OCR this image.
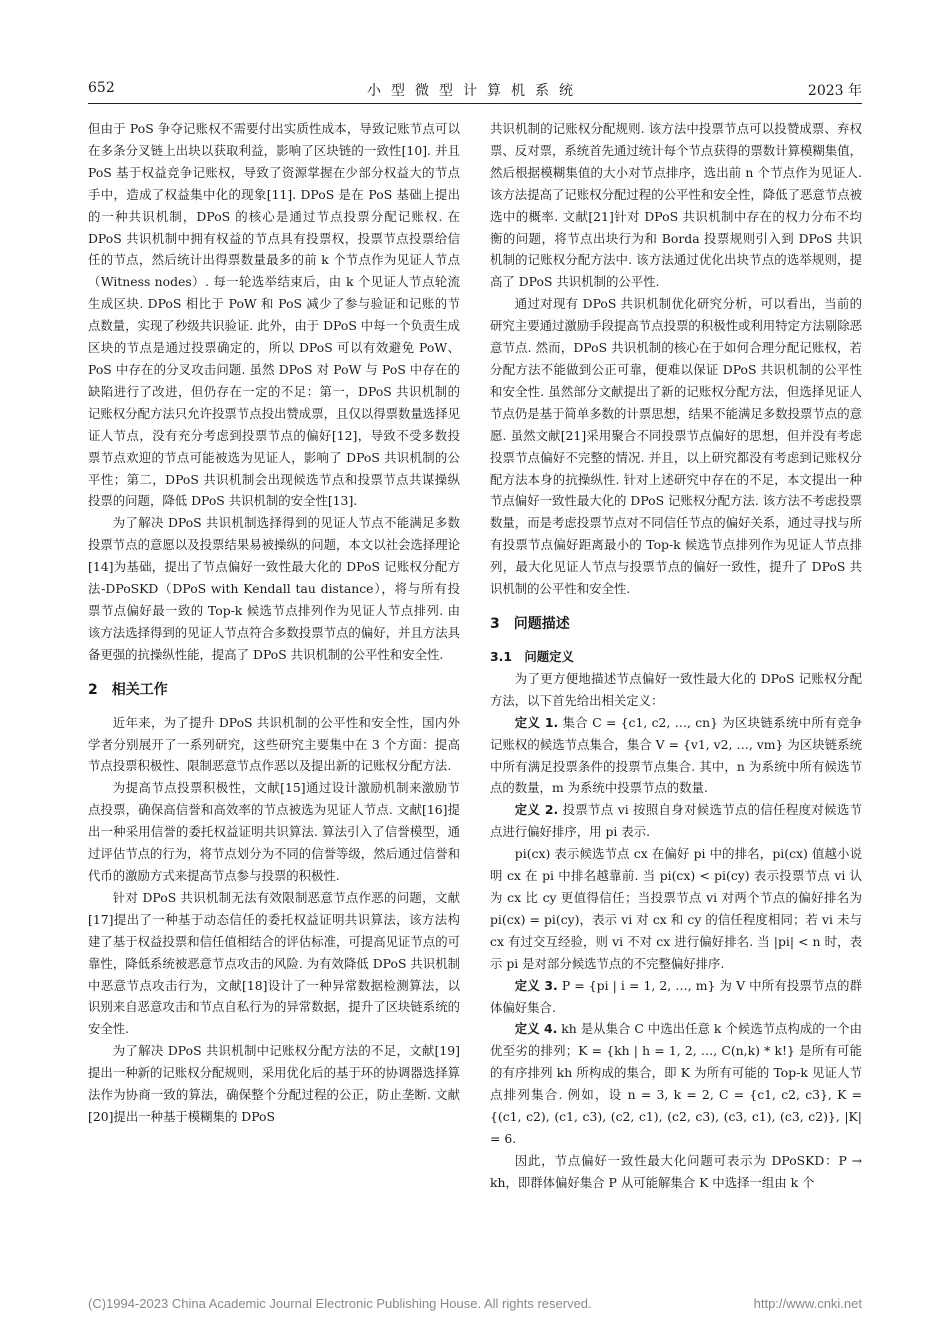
652	小型微型计算机系统	2023 年

但由于 PoS 争夺记账权不需要付出实质性成本，导致记账节点可以在多条分叉链上出块以获取利益，影响了区块链的一致性[10]. 并且 PoS 基于权益竞争记账权，导致了资源掌握在少部分权益大的节点手中，造成了权益集中化的现象[11]. DPoS 是在 PoS 基础上提出的一种共识机制，DPoS 的核心是通过节点投票分配记账权. 在 DPoS 共识机制中拥有权益的节点具有投票权，投票节点投票给信任的节点，然后统计出得票数量最多的前 k 个节点作为见证人节点（Witness nodes）. 每一轮选举结束后，由 k 个见证人节点轮流生成区块. DPoS 相比于 PoW 和 PoS 减少了参与验证和记账的节点数量，实现了秒级共识验证. 此外，由于 DPoS 中每一个负责生成区块的节点是通过投票确定的，所以 DPoS 可以有效避免 PoW、PoS 中存在的分叉攻击问题. 虽然 DPoS 对 PoW 与 PoS 中存在的缺陷进行了改进，但仍存在一定的不足：第一，DPoS 共识机制的记账权分配方法只允许投票节点投出赞成票，且仅以得票数量选择见证人节点，没有充分考虑到投票节点的偏好[12]，导致不受多数投票节点欢迎的节点可能被选为见证人，影响了 DPoS 共识机制的公平性；第二，DPoS 共识机制会出现候选节点和投票节点共谋操纵投票的问题，降低 DPoS 共识机制的安全性[13].

为了解决 DPoS 共识机制选择得到的见证人节点不能满足多数投票节点的意愿以及投票结果易被操纵的问题，本文以社会选择理论[14]为基础，提出了节点偏好一致性最大化的 DPoS 记账权分配方法-DPoSKD（DPoS with Kendall tau distance），将与所有投票节点偏好最一致的 Top-k 候选节点排列作为见证人节点排列. 由该方法选择得到的见证人节点符合多数投票节点的偏好，并且方法具备更强的抗操纵性能，提高了 DPoS 共识机制的公平性和安全性.

2　相关工作

近年来，为了提升 DPoS 共识机制的公平性和安全性，国内外学者分别展开了一系列研究，这些研究主要集中在 3 个方面：提高节点投票积极性、限制恶意节点作恶以及提出新的记账权分配方法.

为提高节点投票积极性，文献[15]通过设计激励机制来激励节点投票，确保高信誉和高效率的节点被选为见证人节点. 文献[16]提出一种采用信誉的委托权益证明共识算法. 算法引入了信誉模型，通过评估节点的行为，将节点划分为不同的信誉等级，然后通过信誉和代币的激励方式来提高节点参与投票的积极性.

针对 DPoS 共识机制无法有效限制恶意节点作恶的问题，文献[17]提出了一种基于动态信任的委托权益证明共识算法，该方法构建了基于权益投票和信任值相结合的评估标准，可提高见证节点的可靠性，降低系统被恶意节点攻击的风险. 为有效降低 DPoS 共识机制中恶意节点攻击行为，文献[18]设计了一种异常数据检测算法，以识别来自恶意攻击和节点自私行为的异常数据，提升了区块链系统的安全性.

为了解决 DPoS 共识机制中记账权分配方法的不足，文献[19]提出一种新的记账权分配规则，采用优化后的基于环的协调器选择算法作为协商一致的算法，确保整个分配过程的公正，防止垄断. 文献[20]提出一种基于模糊集的 DPoS

共识机制的记账权分配规则. 该方法中投票节点可以投赞成票、弃权票、反对票，系统首先通过统计每个节点获得的票数计算模糊集值，然后根据模糊集值的大小对节点排序，选出前 n 个节点作为见证人. 该方法提高了记账权分配过程的公平性和安全性，降低了恶意节点被选中的概率. 文献[21]针对 DPoS 共识机制中存在的权力分布不均衡的问题，将节点出块行为和 Borda 投票规则引入到 DPoS 共识机制的记账权分配方法中. 该方法通过优化出块节点的选举规则，提高了 DPoS 共识机制的公平性.

通过对现有 DPoS 共识机制优化研究分析，可以看出，当前的研究主要通过激励手段提高节点投票的积极性或利用特定方法剔除恶意节点. 然而，DPoS 共识机制的核心在于如何合理分配记账权，若分配方法不能做到公正可靠，便难以保证 DPoS 共识机制的公平性和安全性. 虽然部分文献提出了新的记账权分配方法，但选择见证人节点仍是基于简单多数的计票思想，结果不能满足多数投票节点的意愿. 虽然文献[21]采用聚合不同投票节点偏好的思想，但并没有考虑投票节点偏好不完整的情况. 并且，以上研究都没有考虑到记账权分配方法本身的抗操纵性. 针对上述研究中存在的不足，本文提出一种节点偏好一致性最大化的 DPoS 记账权分配方法. 该方法不考虑投票数量，而是考虑投票节点对不同信任节点的偏好关系，通过寻找与所有投票节点偏好距离最小的 Top-k 候选节点排列作为见证人节点排列，最大化见证人节点与投票节点的偏好一致性，提升了 DPoS 共识机制的公平性和安全性.

3　问题描述
3.1　问题定义

为了更方便地描述节点偏好一致性最大化的 DPoS 记账权分配方法，以下首先给出相关定义：

定义 1. 集合 C = {c1, c2, …, cn} 为区块链系统中所有竞争记账权的候选节点集合，集合 V = {v1, v2, …, vm} 为区块链系统中所有满足投票条件的投票节点集合. 其中，n 为系统中所有候选节点的数量，m 为系统中投票节点的数量.

定义 2. 投票节点 vi 按照自身对候选节点的信任程度对候选节点进行偏好排序，用 pi 表示.

pi(cx) 表示候选节点 cx 在偏好 pi 中的排名，pi(cx) 值越小说明 cx 在 pi 中排名越靠前. 当 pi(cx) < pi(cy) 表示投票节点 vi 认为 cx 比 cy 更值得信任；当投票节点 vi 对两个节点的偏好排名为 pi(cx) = pi(cy)，表示 vi 对 cx 和 cy 的信任程度相同；若 vi 未与 cx 有过交互经验，则 vi 不对 cx 进行偏好排名. 当 |pi| < n 时，表示 pi 是对部分候选节点的不完整偏好排序.

定义 3. P = {pi | i = 1, 2, …, m} 为 V 中所有投票节点的群体偏好集合.

定义 4. kh 是从集合 C 中选出任意 k 个候选节点构成的一个由优至劣的排列；K = {kh | h = 1, 2, …, C(n,k) * k!} 是所有可能的有序排列 kh 所构成的集合，即 K 为所有可能的 Top-k 见证人节点排列集合. 例如，设 n = 3, k = 2, C = {c1, c2, c3}, K = {(c1, c2), (c1, c3), (c2, c1), (c2, c3), (c3, c1), (c3, c2)}, |K| = 6.

因此，节点偏好一致性最大化问题可表示为 DPoSKD：P → kh，即群体偏好集合 P 从可能解集合 K 中选择一组由 k 个

(C)1994-2023 China Academic Journal Electronic Publishing House. All rights reserved.	http://www.cnki.net
